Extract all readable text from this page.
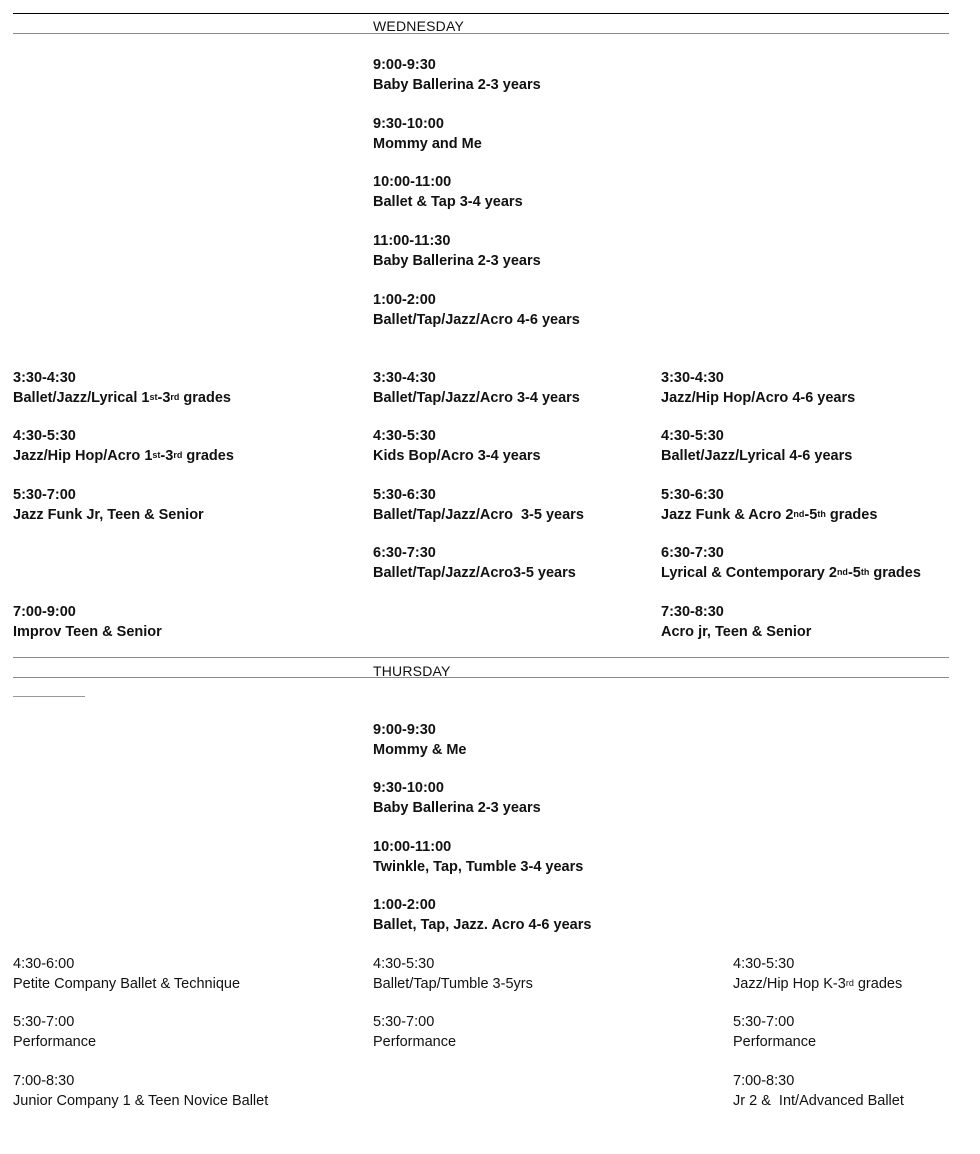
WEDNESDAY
9:00-9:30
Baby Ballerina 2-3 years
9:30-10:00
Mommy and Me
10:00-11:00
Ballet & Tap 3-4 years
11:00-11:30
Baby Ballerina 2-3 years
1:00-2:00
Ballet/Tap/Jazz/Acro 4-6 years
3:30-4:30
Ballet/Jazz/Lyrical 1st-3rd grades
4:30-5:30
Jazz/Hip Hop/Acro 1st-3rd grades
5:30-7:00
Jazz Funk Jr, Teen & Senior
7:00-9:00
Improv Teen & Senior
3:30-4:30
Ballet/Tap/Jazz/Acro 3-4 years
4:30-5:30
Kids Bop/Acro 3-4 years
5:30-6:30
Ballet/Tap/Jazz/Acro  3-5 years
6:30-7:30
Ballet/Tap/Jazz/Acro3-5 years
3:30-4:30
Jazz/Hip Hop/Acro 4-6 years
4:30-5:30
Ballet/Jazz/Lyrical 4-6 years
5:30-6:30
Jazz Funk & Acro 2nd-5th grades
6:30-7:30
Lyrical & Contemporary 2nd-5th grades
7:30-8:30
Acro jr, Teen & Senior
THURSDAY
9:00-9:30
Mommy & Me
9:30-10:00
Baby Ballerina 2-3 years
10:00-11:00
Twinkle, Tap, Tumble 3-4 years
1:00-2:00
Ballet, Tap, Jazz. Acro 4-6 years
4:30-6:00
Petite Company Ballet & Technique
5:30-7:00
Performance
7:00-8:30
Junior Company 1 & Teen Novice Ballet
4:30-5:30
Ballet/Tap/Tumble 3-5yrs
5:30-7:00
Performance
4:30-5:30
Jazz/Hip Hop K-3rd grades
5:30-7:00
Performance
7:00-8:30
Jr 2 &  Int/Advanced Ballet
